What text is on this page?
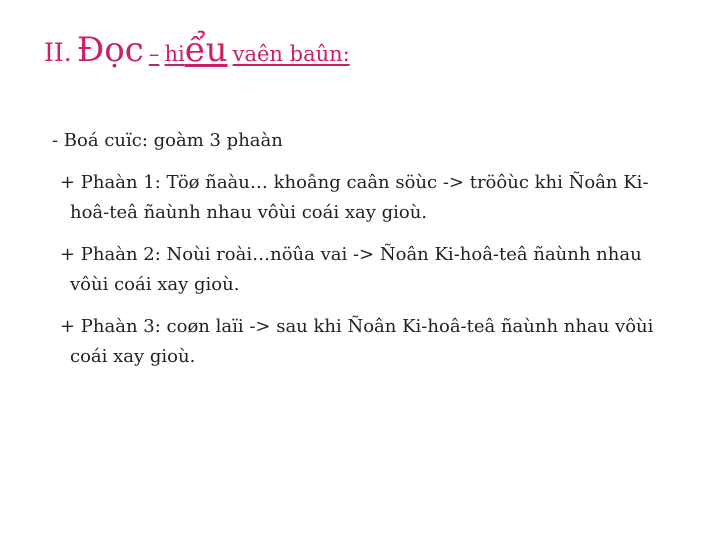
II. Đọc – hiểu vaên baûn:
- Boá cuïc: goàm 3 phaàn
+ Phaàn 1: Töø ñaàu… khoâng caân söùc -> tröôùc khi Ñoân Ki-
hoâ-teâ ñaùnh nhau vôùi coái xay gioù.
+ Phaàn 2: Noùi roài…nöûa vai -> Ñoân Ki-hoâ-teâ ñaùnh nhau
vôùi coái xay gioù.
+ Phaàn 3: coøn laïi -> sau khi Ñoân Ki-hoâ-teâ ñaùnh nhau vôùi
coái xay gioù.
